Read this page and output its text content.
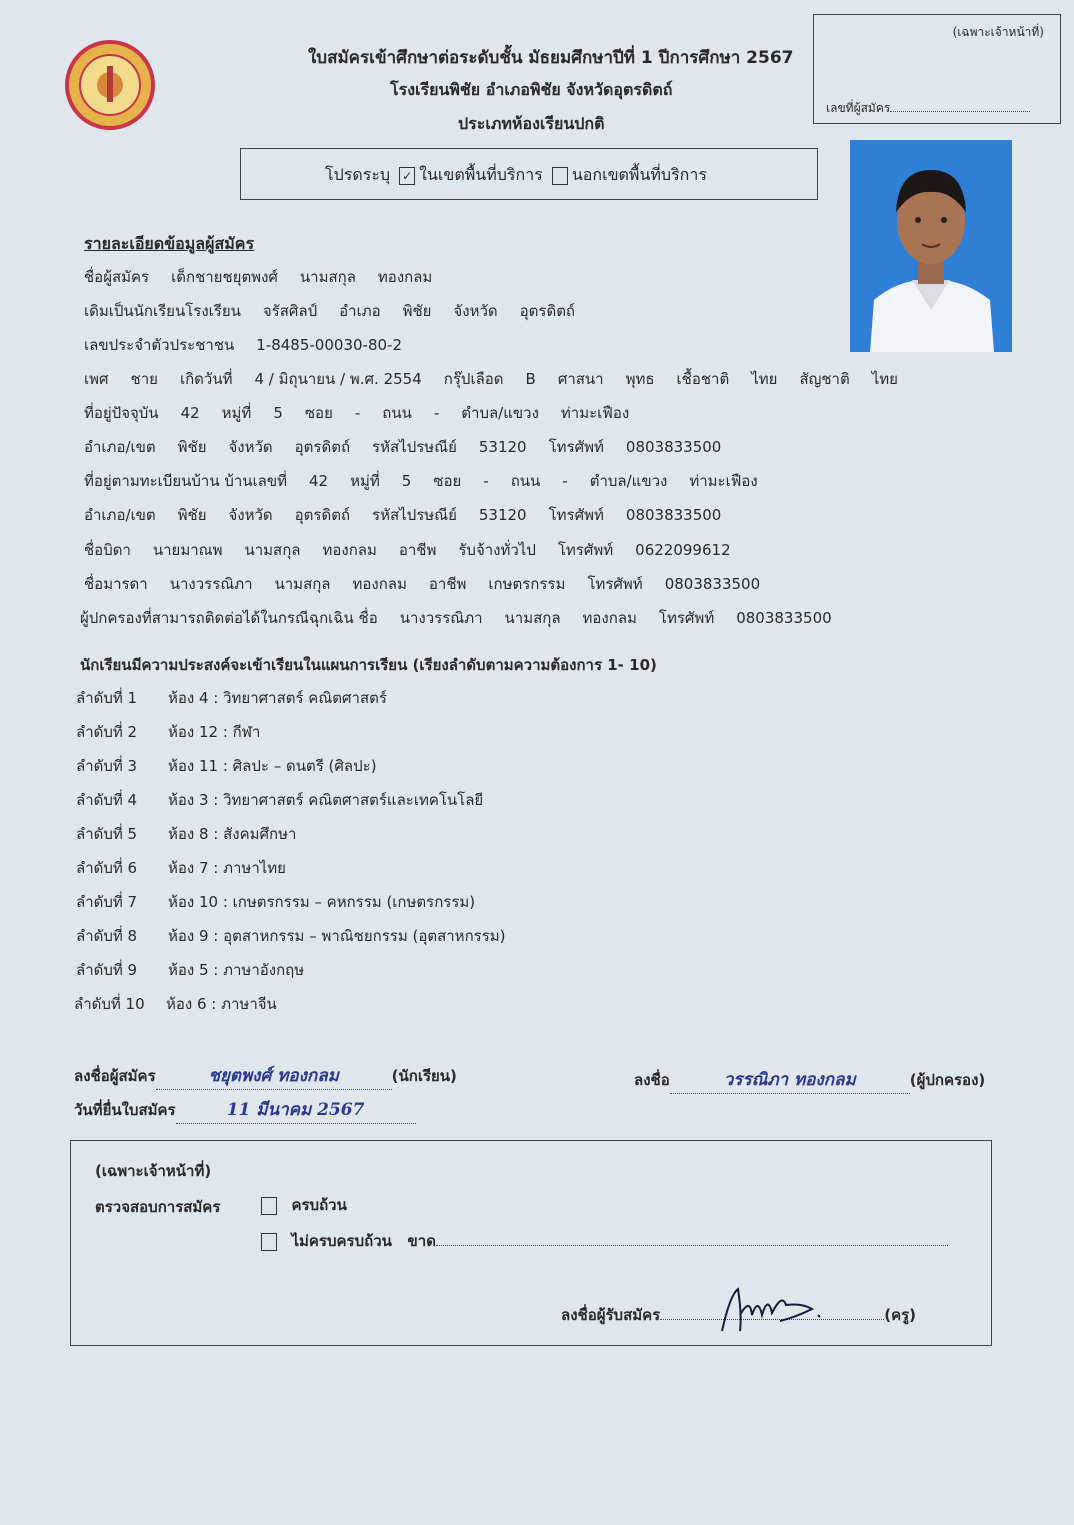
ใบสมัครเข้าศึกษาต่อระดับชั้น มัธยมศึกษาปีที่ 1 ปีการศึกษา 2567
โรงเรียนพิชัย อำเภอพิชัย จังหวัดอุตรดิตถ์
ประเภทห้องเรียนปกติ
(เฉพาะเจ้าหน้าที่)
เลขที่ผู้สมัคร
โปรดระบุ ✓ ในเขตพื้นที่บริการ นอกเขตพื้นที่บริการ
รายละเอียดข้อมูลผู้สมัคร
ชื่อผู้สมัคร เด็กชายชยุตพงศ์ นามสกุล ทองกลม
เดิมเป็นนักเรียนโรงเรียน จรัสศิลป์ อำเภอ พิชัย จังหวัด อุตรดิตถ์
เลขประจำตัวประชาชน 1-8485-00030-80-2
เพศ ชาย เกิดวันที่ 4 / มิถุนายน / พ.ศ. 2554 กรุ๊ปเลือด B ศาสนา พุทธ เชื้อชาติ ไทย สัญชาติ ไทย
ที่อยู่ปัจจุบัน 42 หมู่ที่ 5 ซอย - ถนน - ตำบล/แขวง ท่ามะเฟือง
อำเภอ/เขต พิชัย จังหวัด อุตรดิตถ์ รหัสไปรษณีย์ 53120 โทรศัพท์ 0803833500
ที่อยู่ตามทะเบียนบ้าน บ้านเลขที่ 42 หมู่ที่ 5 ซอย - ถนน - ตำบล/แขวง ท่ามะเฟือง
อำเภอ/เขต พิชัย จังหวัด อุตรดิตถ์ รหัสไปรษณีย์ 53120 โทรศัพท์ 0803833500
ชื่อบิดา นายมาณพ นามสกุล ทองกลม อาชีพ รับจ้างทั่วไป โทรศัพท์ 0622099612
ชื่อมารดา นางวรรณิภา นามสกุล ทองกลม อาชีพ เกษตรกรรม โทรศัพท์ 0803833500
ผู้ปกครองที่สามารถติดต่อได้ในกรณีฉุกเฉิน ชื่อ นางวรรณิภา นามสกุล ทองกลม โทรศัพท์ 0803833500
นักเรียนมีความประสงค์จะเข้าเรียนในแผนการเรียน (เรียงลำดับตามความต้องการ 1- 10)
ลำดับที่ 1 ห้อง 4 : วิทยาศาสตร์ คณิตศาสตร์
ลำดับที่ 2 ห้อง 12 : กีฬา
ลำดับที่ 3 ห้อง 11 : ศิลปะ – ดนตรี (ศิลปะ)
ลำดับที่ 4 ห้อง 3 : วิทยาศาสตร์ คณิตศาสตร์และเทคโนโลยี
ลำดับที่ 5 ห้อง 8 : สังคมศึกษา
ลำดับที่ 6 ห้อง 7 : ภาษาไทย
ลำดับที่ 7 ห้อง 10 : เกษตรกรรม – คหกรรม (เกษตรกรรม)
ลำดับที่ 8 ห้อง 9 : อุตสาหกรรม – พาณิชยกรรม (อุตสาหกรรม)
ลำดับที่ 9 ห้อง 5 : ภาษาอังกฤษ
ลำดับที่ 10 ห้อง 6 : ภาษาจีน
ลงชื่อผู้สมัคร	ชยุตพงศ์ ทองกลม	(นักเรียน)	ลงชื่อ	วรรณิภา ทองกลม	(ผู้ปกครอง)
วันที่ยื่นใบสมัคร	11 มีนาคม 2567
(เฉพาะเจ้าหน้าที่)
ตรวจสอบการสมัคร	ครบถ้วน
ไม่ครบครบถ้วน ขาด
ลงชื่อผู้รับสมัคร	(ครู)
